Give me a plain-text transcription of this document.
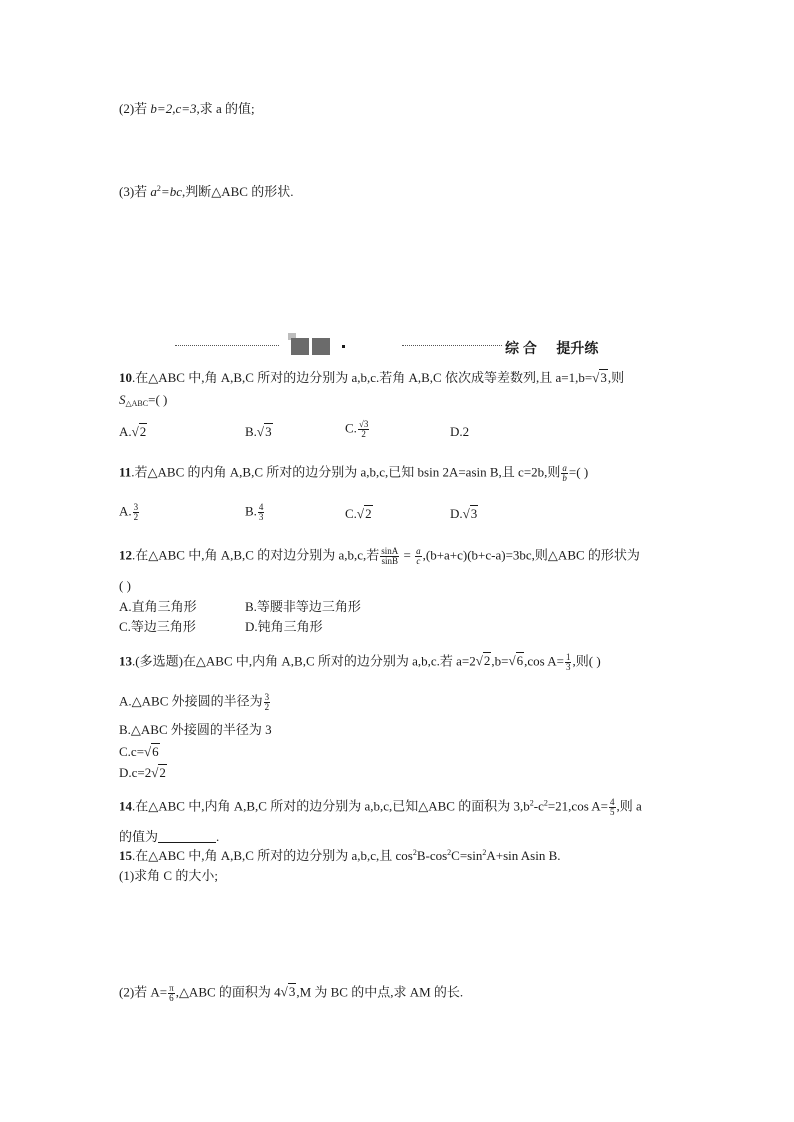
(2)若 b=2,c=3,求 a 的值;
(3)若 $a^2=bc$,判断△ABC 的形状.
综 合 提升练
10.在△ABC 中,角 A,B,C 所对的边分别为 a,b,c.若角 A,B,C 依次成等差数列,且 a=1,b=√3,则
$S_{\triangle ABC}=$( )
A.√2	B.√3	C. $\frac{√3}{2}$	D.2
11.若△ABC 的内角 A,B,C 所对的边分别为 a,b,c,已知 bsin 2A=asin B,且 c=2b,则 $\frac{a}{b}$ =( )
A. $\frac{3}{2}$	B. $\frac{4}{3}$	C.√2	D.√3
12.在△ABC 中,角 A,B,C 的对边分别为 a,b,c,若 $\frac{\sin A}{\sin B} = \frac{a}{c} ,(b+a+c)(b+c-a)=3bc$,则△ABC 的形状为
( )
A.直角三角形	B.等腰非等边三角形
C.等边三角形	D.钝角三角形
13.(多选题)在△ABC 中,内角 A,B,C 所对的边分别为 a,b,c.若 a=2√2,b=√6,cos $A= \frac{1}{3}$ ,则( )
A.△ABC 外接圆的半径为 $\frac{3}{2}$
B.△ABC 外接圆的半径为 3
C.c=√6
D.c=2√2
14.在△ABC 中,内角 A,B,C 所对的边分别为 a,b,c,已知△ABC 的面积为 $3,b^2-c^2=21,\cos$ $A= \frac{4}{5}$ ,则 a
的值为	.
15.在△ABC 中,角 A,B,C 所对的边分别为 a,b,c,且 $\cos^2B-\cos^2C=\sin^2A+\sin$ Asin B.
(1)求角 C 的大小;
(2)若 $A= \frac{\pi}{6}$ ,△ABC 的面积为 4√3,M 为 BC 的中点,求 AM 的长.
